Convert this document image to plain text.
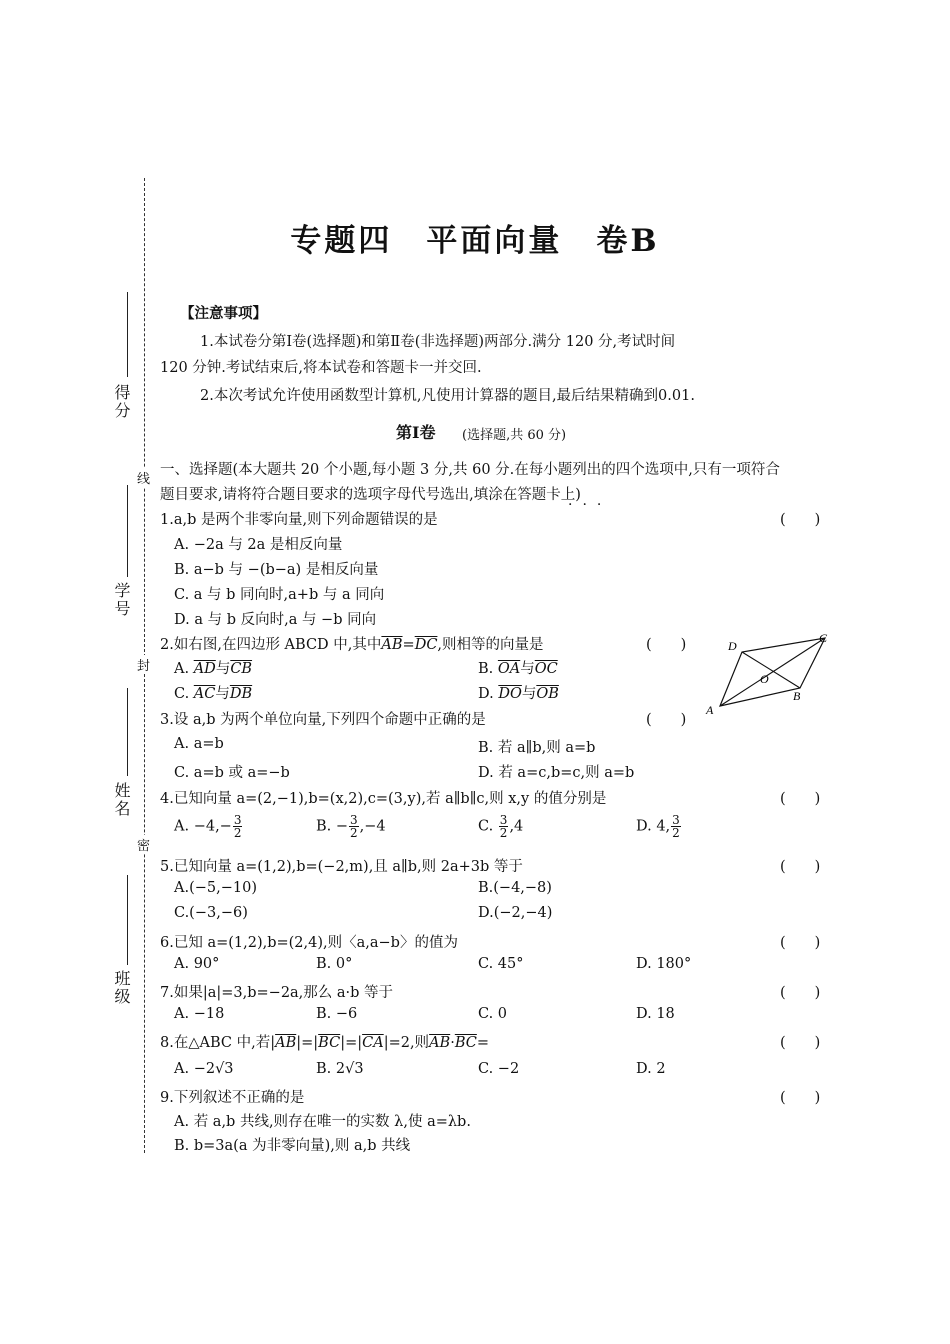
专题四　平面向量　卷B
得分
学号
姓名
班级
线
封
密
【注意事项】
1.本试卷分第Ⅰ卷(选择题)和第Ⅱ卷(非选择题)两部分.满分 120 分,考试时间
120 分钟.考试结束后,将本试卷和答题卡一并交回.
2.本次考试允许使用函数型计算机,凡使用计算器的题目,最后结果精确到0.01.
第Ⅰ卷 (选择题,共 60 分)
一、选择题(本大题共 20 个小题,每小题 3 分,共 60 分.在每小题列出的四个选项中,只有一项符合
题目要求,请将符合题目要求的选项字母代号选出,填涂在答题卡上)
···
1.a,b 是两个非零向量,则下列命题错误的是	(　　)
A. −2a 与 2a 是相反向量
B. a−b 与 −(b−a) 是相反向量
C. a 与 b 同向时,a+b 与 a 同向
D. a 与 b 反向时,a 与 −b 同向
2.如右图,在四边形 ABCD 中,其中$\overline{AB}=\overline{DC}$,则相等的向量是	(　　)
A. $\overline{AD}$与$\overline{CB}$	B. $\overline{OA}$与$\overline{OC}$
C. $\overline{AC}$与$\overline{DB}$	D. $\overline{DO}$与$\overline{OB}$
D
C
O
A
B
3.设 a,b 为两个单位向量,下列四个命题中正确的是	(　　)
A. a=b	B. 若 a∥b,则 a=b
C. a=b 或 a=−b	D. 若 a=c,b=c,则 a=b
4.已知向量 a=(2,−1),b=(x,2),c=(3,y),若 a∥b∥c,则 x,y 的值分别是	(　　)
A. $-4,- \frac{3}{2}$	B. − $\frac{3}{2} ,-4$	C. $\frac{3}{2} ,4$	D. 4, $\frac{3}{2}$
5.已知向量 a=(1,2),b=(−2,m),且 a∥b,则 2a+3b 等于	(　　)
A.(−5,−10)	B.(−4,−8)
C.(−3,−6)	D.(−2,−4)
6.已知 a=(1,2),b=(2,4),则〈a,a−b〉的值为	(　　)
A. 90°	B. 0°	C. 45°	D. 180°
7.如果|a|=3,b=−2a,那么 a·b 等于	(　　)
A. −18	B. −6	C. 0	D. 18
8.在△ABC 中,若$|\overline{AB}|=|\overline{BC}|=|\overline{CA}|=2$,则$\overline{AB}\cdot\overline{BC}=$	(　　)
A. −2√3	B. 2√3	C. −2	D. 2
9.下列叙述不正确的是	(　　)
A. 若 a,b 共线,则存在唯一的实数 λ,使 a=λb.
B. b=3a(a 为非零向量),则 a,b 共线
